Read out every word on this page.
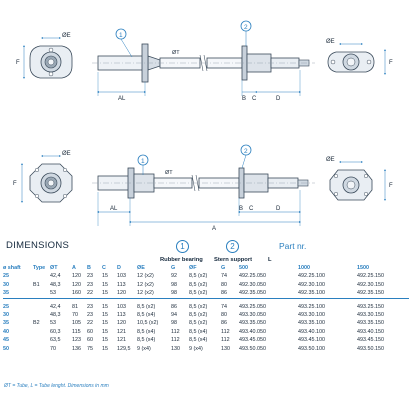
ØE
F
ØT
AL	B C	D
1
2
ØE
F
ØE
F
ØT
AL
A
B C	D
1
2
ØE
F
DIMENSIONS	1	2	Part nr.
Rubber bearing Stern support	L
ø shaft	Type	ØT	A	B	C	D	ØE	G	ØF	G	500	1000	1500
25		42,4	120	23	15	103	12 (x2)	92	8,5 (x2)	74	492.25.050	492.25.100	492.25.150
30	B1	48,3	120	23	15	113	12 (x2)	98	8,5 (x2)	80	492.30.050	492.30.100	492.30.150
35		53	160	22	15	120	12 (x2)	98	8,5 (x2)	86	492.35.050	492.35.100	492.35.150

25		42,4	81	23	15	103	8,5 (x2)	86	8,5 (x2)	74	493.25.050	493.25.100	493.25.150
30		48,3	70	23	15	113	8,5 (x4)	94	8,5 (x2)	80	493.30.050	493.30.100	493.30.150
35	B2	53	105	22	15	120	10,5 (x2)	98	8,5 (x2)	86	493.35.050	493.35.100	493.35.150
40		60,3	115	60	15	121	8,5 (x4)	112	8,5 (x4)	112	493.40.050	493.40.100	493.40.150
45		63,5	123	60	15	121	8,5 (x4)	112	8,5 (x4)	112	493.45.050	493.45.100	493.45.150
50		70	136	75	15	129,5	9 (x4)	130	9 (x4)	130	493.50.050	493.50.100	493.50.150
ØT = Tube, L = Tube lenght. Dimensions in mm
